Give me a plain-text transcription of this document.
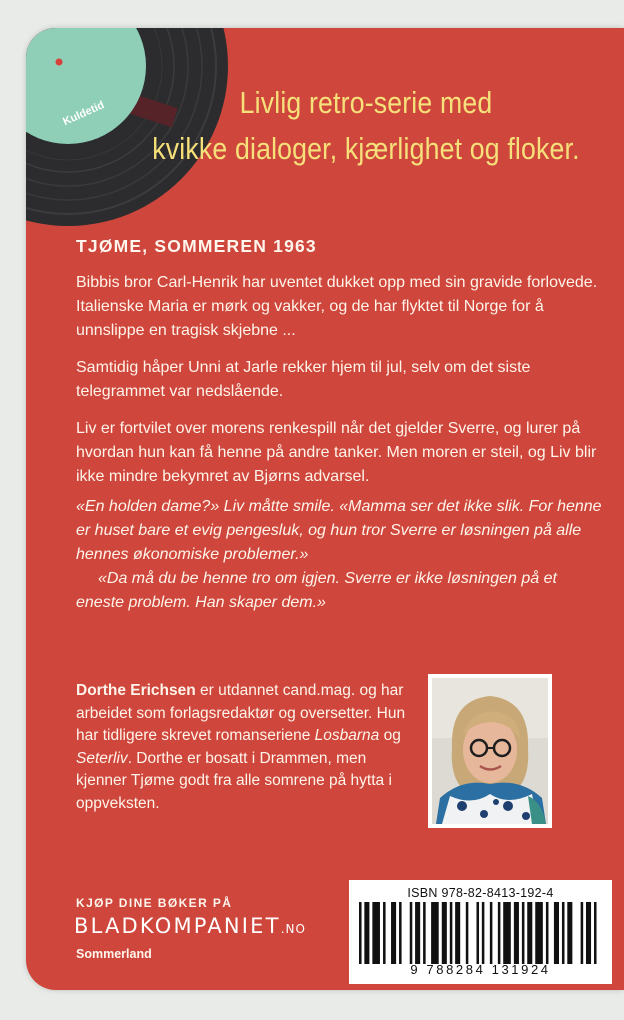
Kuldetid	Livlig retro-serie med
kvikke dialoger, kjærlighet og floker.
TJØME, SOMMEREN 1963

Bibbis bror Carl-Henrik har uventet dukket opp med sin gravide forlovede. Italienske Maria er mørk og vakker, og de har flyktet til Norge for å unnslippe en tragisk skjebne ...

Samtidig håper Unni at Jarle rekker hjem til jul, selv om det siste telegrammet var nedslående.

Liv er fortvilet over morens renkespill når det gjelder Sverre, og lurer på hvordan hun kan få henne på andre tanker. Men moren er steil, og Liv blir ikke mindre bekymret av Bjørns advarsel.

«En holden dame?» Liv måtte smile. «Mamma ser det ikke slik. For henne er huset bare et evig pengesluk, og hun tror Sverre er løsningen på alle hennes økonomiske problemer.»

«Da må du be henne tro om igjen. Sverre er ikke løsningen på et eneste problem. Han skaper dem.»

Dorthe Erichsen er utdannet cand.mag. og har arbeidet som forlagsredaktør og oversetter. Hun har tidligere skrevet romanseriene Losbarna og Seterliv. Dorthe er bosatt i Drammen, men kjenner Tjøme godt fra alle somrene på hytta i oppveksten.
KJØP DINE BØKER PÅ
BLADKOMPANIET.NO
Sommerland
ISBN 978-82-8413-192-4
9 788284 131924
